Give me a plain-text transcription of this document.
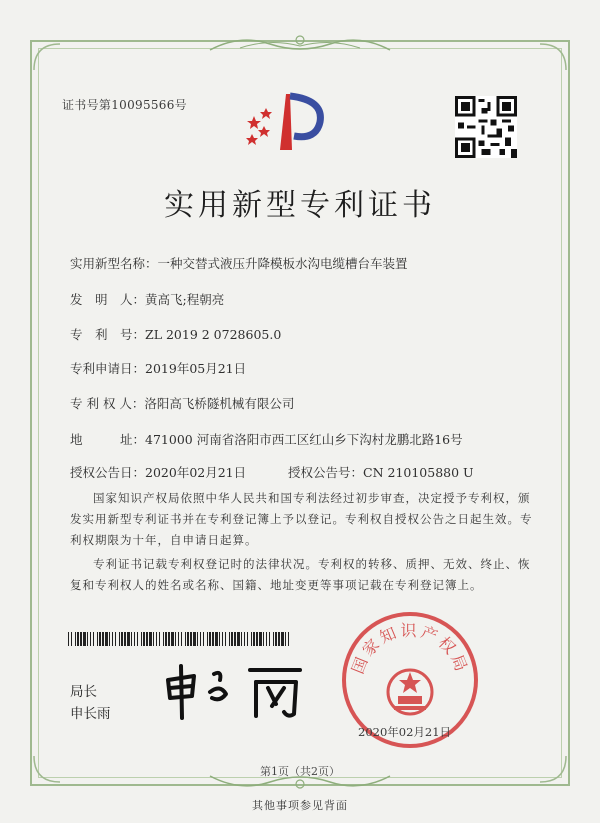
证书号第10095566号
实用新型专利证书
实用新型名称：一种交替式液压升降模板水沟电缆槽台车装置
发　明　人：黄高飞;程朝亮
专　利　号：ZL 2019 2 0728605.0
专利申请日：2019年05月21日
专 利 权 人：洛阳高飞桥隧机械有限公司
地　　　址：471000 河南省洛阳市西工区红山乡下沟村龙鹏北路16号
授权公告日：2020年02月21日	授权公告号：CN 210105880 U
国家知识产权局依照中华人民共和国专利法经过初步审查，决定授予专利权，颁发实用新型专利证书并在专利登记簿上予以登记。专利权自授权公告之日起生效。专利权期限为十年，自申请日起算。
专利证书记载专利权登记时的法律状况。专利权的转移、质押、无效、终止、恢复和专利权人的姓名或名称、国籍、地址变更等事项记载在专利登记簿上。
局长
申长雨
国家知识产权局
2020年02月21日
第1页（共2页）
其他事项参见背面
